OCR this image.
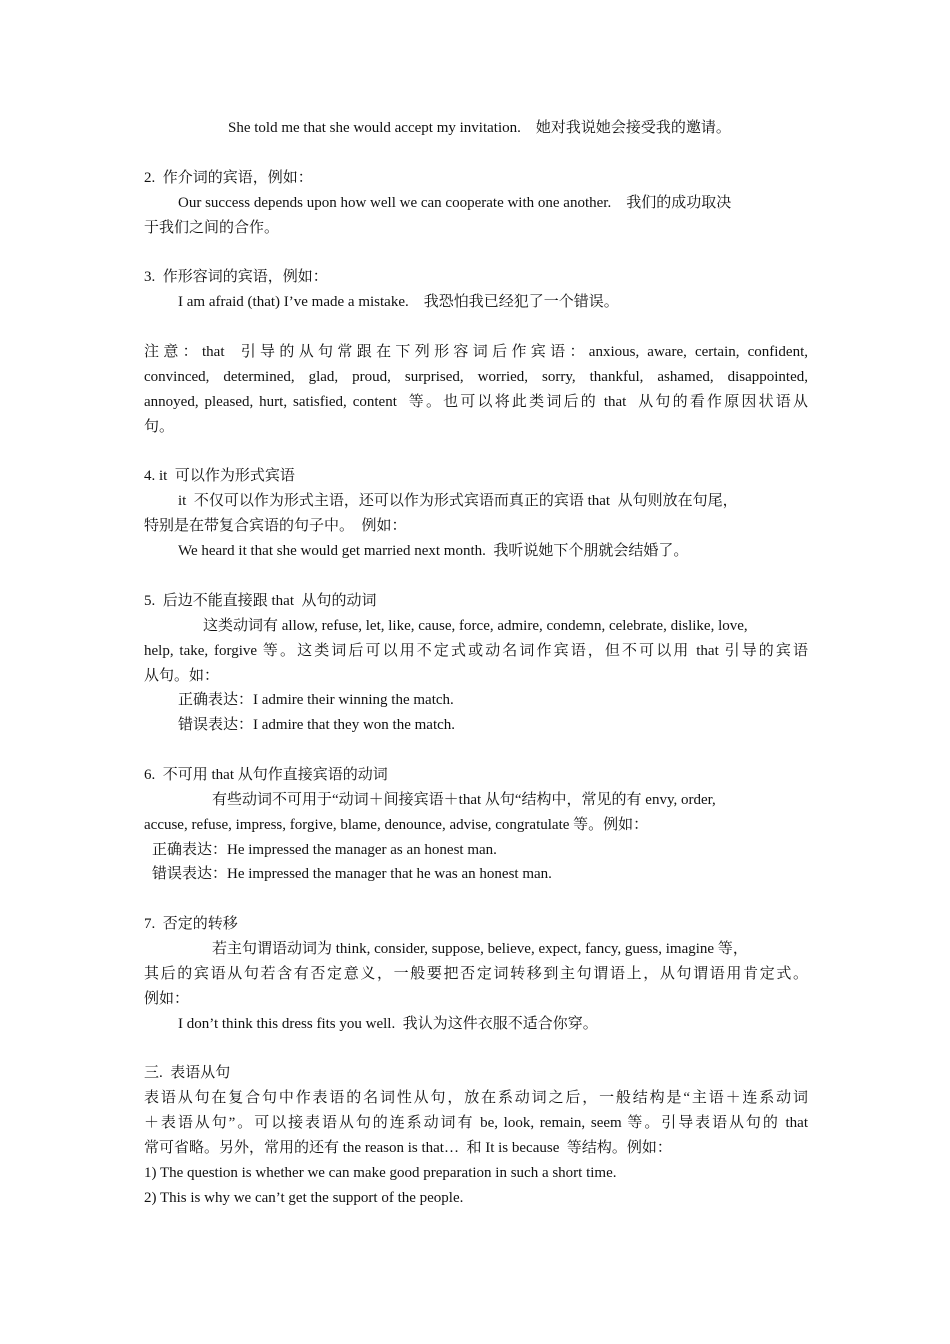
She told me that she would accept my invitation.    她对我说她会接受我的邀请。
2.  作介词的宾语，例如：
Our success depends upon how well we can cooperate with one another.    我们的成功取决
于我们之间的合作。
3.  作形容词的宾语，例如：
I am afraid (that) I’ve made a mistake.    我恐怕我已经犯了一个错误。
注意：that  引导的从句常跟在下列形容词后作宾语：anxious, aware, certain, confident,
convinced, determined, glad, proud, surprised, worried, sorry, thankful, ashamed, disappointed,
annoyed, pleased, hurt, satisfied, content  等。也可以将此类词后的 that  从句的看作原因状语从
句。
4. it  可以作为形式宾语
it  不仅可以作为形式主语，还可以作为形式宾语而真正的宾语 that  从句则放在句尾，
特别是在带复合宾语的句子中。  例如：
We heard it that she would get married next month.  我听说她下个朋就会结婚了。
5.  后边不能直接跟 that  从句的动词
这类动词有 allow, refuse, let, like, cause, force, admire, condemn, celebrate, dislike, love,
help, take, forgive 等。这类词后可以用不定式或动名词作宾语，但不可以用 that 引导的宾语
从句。如：
正确表达：I admire their winning the match.
错误表达：I admire that they won the match.
6.  不可用 that 从句作直接宾语的动词
有些动词不可用于“动词＋间接宾语＋that 从句“结构中，常见的有 envy, order,
accuse, refuse, impress, forgive, blame, denounce, advise, congratulate 等。例如：
正确表达：He impressed the manager as an honest man.
错误表达：He impressed the manager that he was an honest man.
7.  否定的转移
若主句谓语动词为 think, consider, suppose, believe, expect, fancy, guess, imagine 等，
其后的宾语从句若含有否定意义，一般要把否定词转移到主句谓语上，从句谓语用肯定式。
例如：
I don’t think this dress fits you well.  我认为这件衣服不适合你穿。
三.  表语从句
表语从句在复合句中作表语的名词性从句，放在系动词之后，一般结构是“主语＋连系动词
＋表语从句”。可以接表语从句的连系动词有 be, look, remain, seem 等。引导表语从句的 that
常可省略。另外，常用的还有 the reason is that…  和 It is because  等结构。例如：
1) The question is whether we can make good preparation in such a short time.
2) This is why we can’t get the support of the people.
